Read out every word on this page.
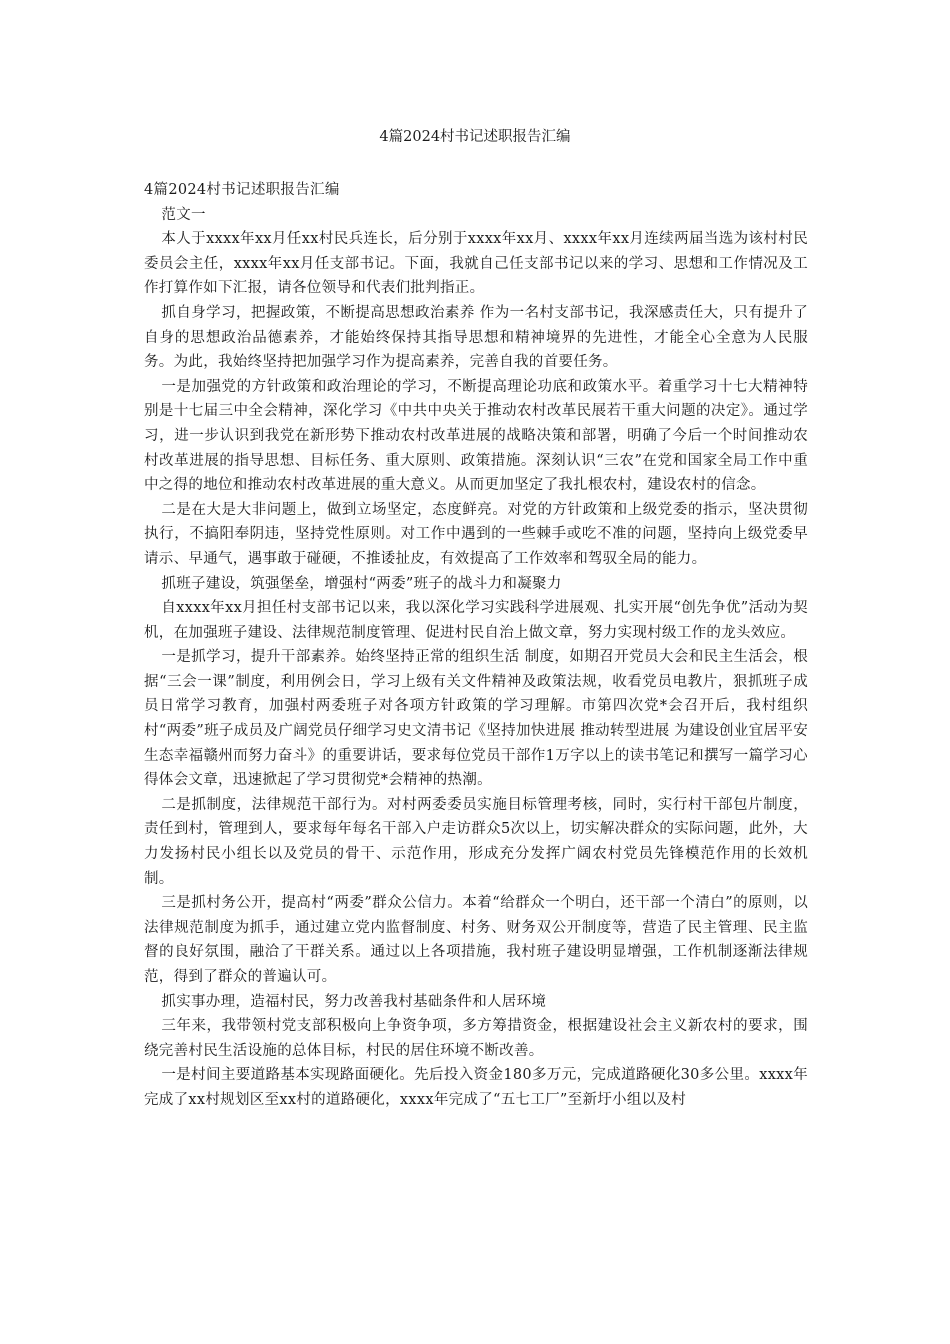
4篇2024村书记述职报告汇编

4篇2024村书记述职报告汇编

范文一

本人于xxxx年xx月任xx村民兵连长，后分别于xxxx年xx月、xxxx年xx月连续两届当选为该村村民委员会主任，xxxx年xx月任支部书记。下面，我就自己任支部书记以来的学习、思想和工作情况及工作打算作如下汇报，请各位领导和代表们批判指正。

抓自身学习，把握政策，不断提高思想政治素养 作为一名村支部书记，我深感责任大，只有提升了自身的思想政治品德素养，才能始终保持其指导思想和精神境界的先进性，才能全心全意为人民服务。为此，我始终坚持把加强学习作为提高素养，完善自我的首要任务。

一是加强党的方针政策和政治理论的学习，不断提高理论功底和政策水平。着重学习十七大精神特别是十七届三中全会精神，深化学习《中共中央关于推动农村改革民展若干重大问题的决定》。通过学习，进一步认识到我党在新形势下推动农村改革进展的战略决策和部署，明确了今后一个时间推动农村改革进展的指导思想、目标任务、重大原则、政策措施。深刻认识“三农”在党和国家全局工作中重中之得的地位和推动农村改革进展的重大意义。从而更加坚定了我扎根农村，建设农村的信念。

二是在大是大非问题上，做到立场坚定，态度鲜亮。对党的方针政策和上级党委的指示，坚决贯彻执行，不搞阳奉阴违，坚持党性原则。对工作中遇到的一些棘手或吃不准的问题，坚持向上级党委早请示、早通气，遇事敢于碰硬，不推诿扯皮，有效提高了工作效率和驾驭全局的能力。

抓班子建设，筑强堡垒，增强村“两委”班子的战斗力和凝聚力

自xxxx年xx月担任村支部书记以来，我以深化学习实践科学进展观、扎实开展“创先争优”活动为契机，在加强班子建设、法律规范制度管理、促进村民自治上做文章，努力实现村级工作的龙头效应。

一是抓学习，提升干部素养。始终坚持正常的组织生活 制度，如期召开党员大会和民主生活会，根据“三会一课”制度，利用例会日，学习上级有关文件精神及政策法规，收看党员电教片，狠抓班子成员日常学习教育，加强村两委班子对各项方针政策的学习理解。市第四次党*会召开后，我村组织村“两委”班子成员及广阔党员仔细学习史文清书记《坚持加快进展 推动转型进展 为建设创业宜居平安生态幸福赣州而努力奋斗》的重要讲话，要求每位党员干部作1万字以上的读书笔记和撰写一篇学习心得体会文章，迅速掀起了学习贯彻党*会精神的热潮。

二是抓制度，法律规范干部行为。对村两委委员实施目标管理考核，同时，实行村干部包片制度，责任到村，管理到人，要求每年每名干部入户走访群众5次以上，切实解决群众的实际问题，此外，大力发扬村民小组长以及党员的骨干、示范作用，形成充分发挥广阔农村党员先锋模范作用的长效机制。

三是抓村务公开，提高村“两委”群众公信力。本着“给群众一个明白，还干部一个清白”的原则，以法律规范制度为抓手，通过建立党内监督制度、村务、财务双公开制度等，营造了民主管理、民主监督的良好氛围，融洽了干群关系。通过以上各项措施，我村班子建设明显增强，工作机制逐渐法律规范，得到了群众的普遍认可。

抓实事办理，造福村民，努力改善我村基础条件和人居环境

三年来，我带领村党支部积极向上争资争项，多方筹措资金，根据建设社会主义新农村的要求，围绕完善村民生活设施的总体目标，村民的居住环境不断改善。

一是村间主要道路基本实现路面硬化。先后投入资金180多万元，完成道路硬化30多公里。xxxx年完成了xx村规划区至xx村的道路硬化，xxxx年完成了“五七工厂”至新圩小组以及村
